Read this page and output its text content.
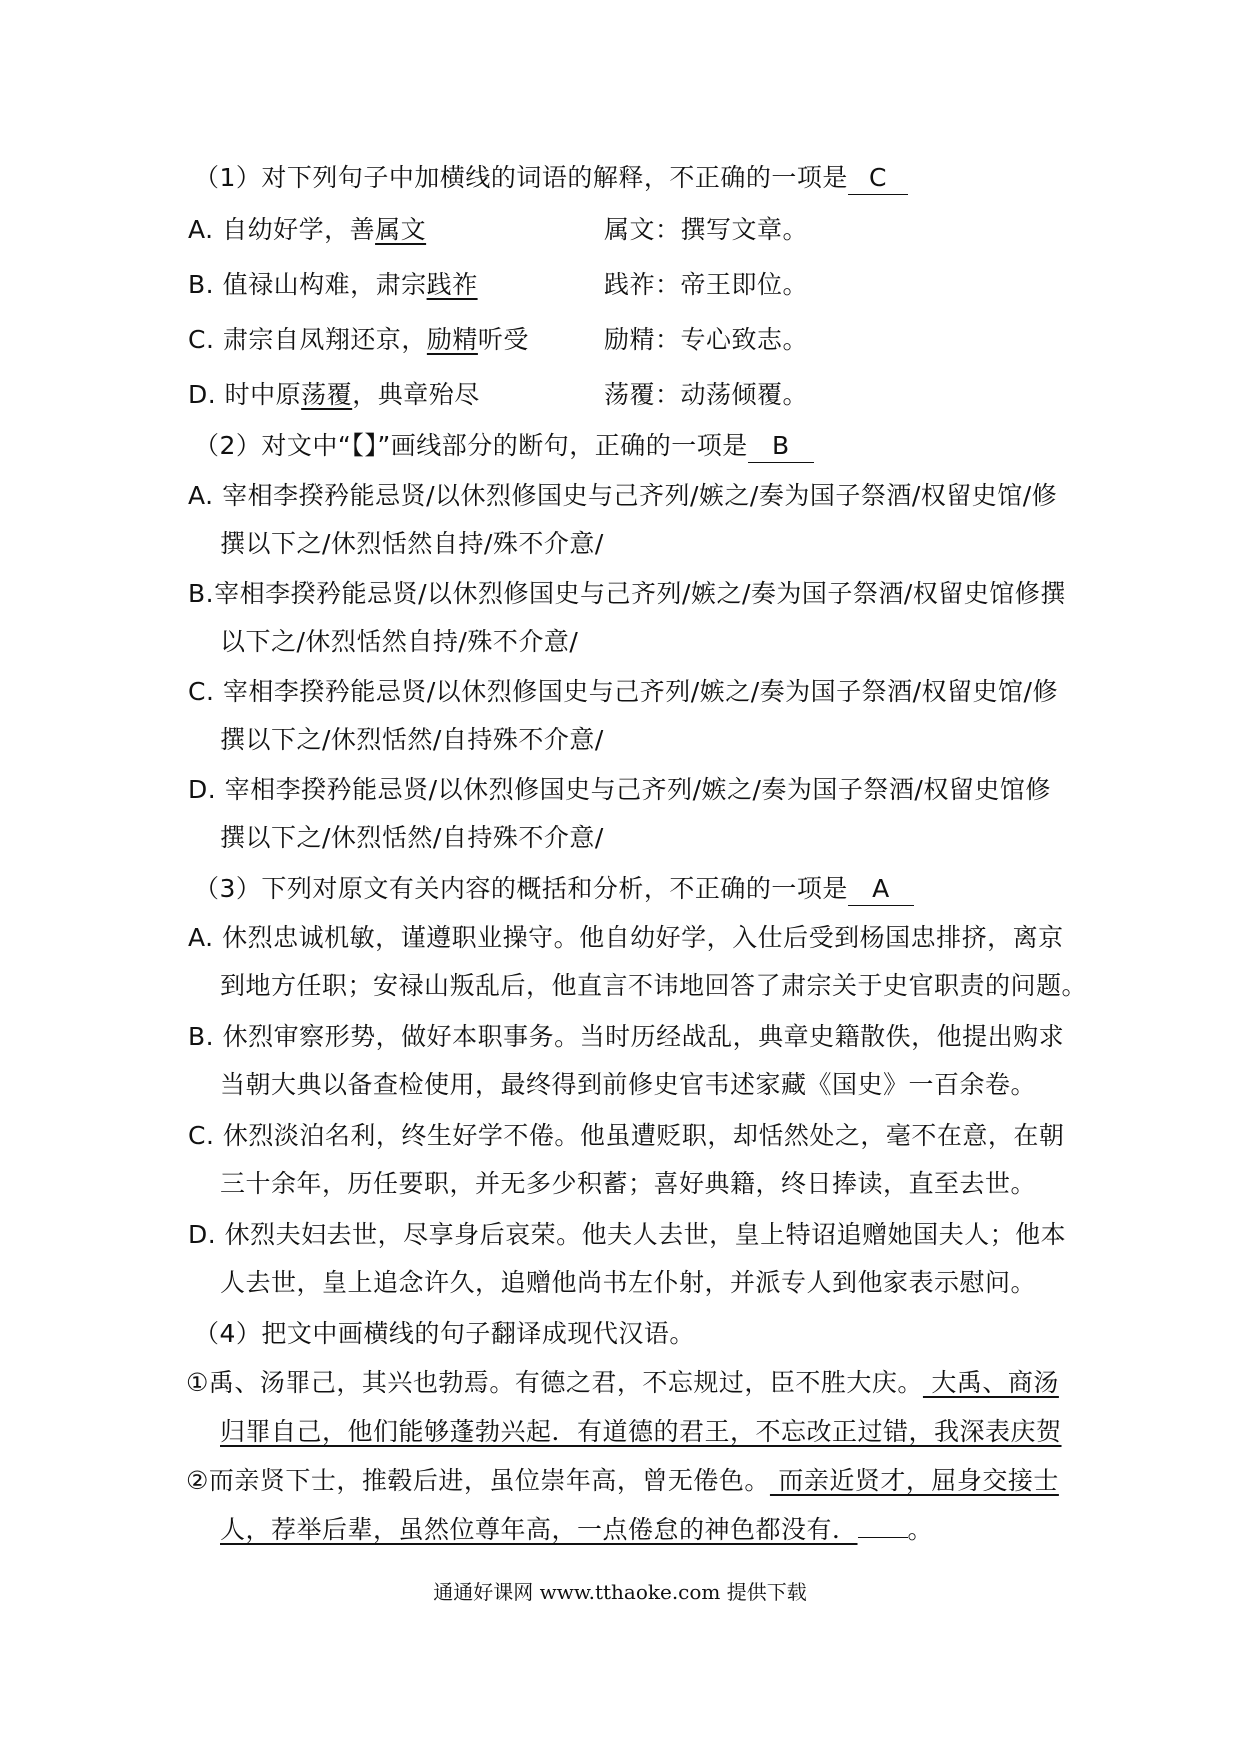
（1）对下列句子中加横线的词语的解释，不正确的一项是 C
A. 自幼好学，善属文	属文：撰写文章。
B. 值禄山构难，肃宗践祚	践祚：帝王即位。
C. 肃宗自凤翔还京，励精听受	励精：专心致志。
D. 时中原荡覆，典章殆尽	荡覆：动荡倾覆。
（2）对文中“【】”画线部分的断句，正确的一项是 B
A. 宰相李揆矜能忌贤/以休烈修国史与己齐列/嫉之/奏为国子祭酒/权留史馆/修
撰以下之/休烈恬然自持/殊不介意/
B.宰相李揆矜能忌贤/以休烈修国史与己齐列/嫉之/奏为国子祭酒/权留史馆修撰
以下之/休烈恬然自持/殊不介意/
C. 宰相李揆矜能忌贤/以休烈修国史与己齐列/嫉之/奏为国子祭酒/权留史馆/修
撰以下之/休烈恬然/自持殊不介意/
D. 宰相李揆矜能忌贤/以休烈修国史与己齐列/嫉之/奏为国子祭酒/权留史馆修
撰以下之/休烈恬然/自持殊不介意/
（3）下列对原文有关内容的概括和分析，不正确的一项是 A
A. 休烈忠诚机敏，谨遵职业操守。他自幼好学，入仕后受到杨国忠排挤，离京
到地方任职；安禄山叛乱后，他直言不讳地回答了肃宗关于史官职责的问题。
B. 休烈审察形势，做好本职事务。当时历经战乱，典章史籍散佚，他提出购求
当朝大典以备查检使用，最终得到前修史官韦述家藏《国史》一百余卷。
C. 休烈淡泊名利，终生好学不倦。他虽遭贬职，却恬然处之，毫不在意，在朝
三十余年，历任要职，并无多少积蓄；喜好典籍，终日捧读，直至去世。
D. 休烈夫妇去世，尽享身后哀荣。他夫人去世，皇上特诏追赠她国夫人；他本
人去世，皇上追念许久，追赠他尚书左仆射，并派专人到他家表示慰问。
（4）把文中画横线的句子翻译成现代汉语。
①禹、汤罪己，其兴也勃焉。有德之君，不忘规过，臣不胜大庆。 大禹、商汤
归罪自己，他们能够蓬勃兴起．有道德的君王，不忘改正过错，我深表庆贺
②而亲贤下士，推毂后进，虽位崇年高，曾无倦色。 而亲近贤才，屈身交接士
人，荐举后辈，虽然位尊年高，一点倦怠的神色都没有． 。
通通好课网 www.tthaoke.com 提供下载
